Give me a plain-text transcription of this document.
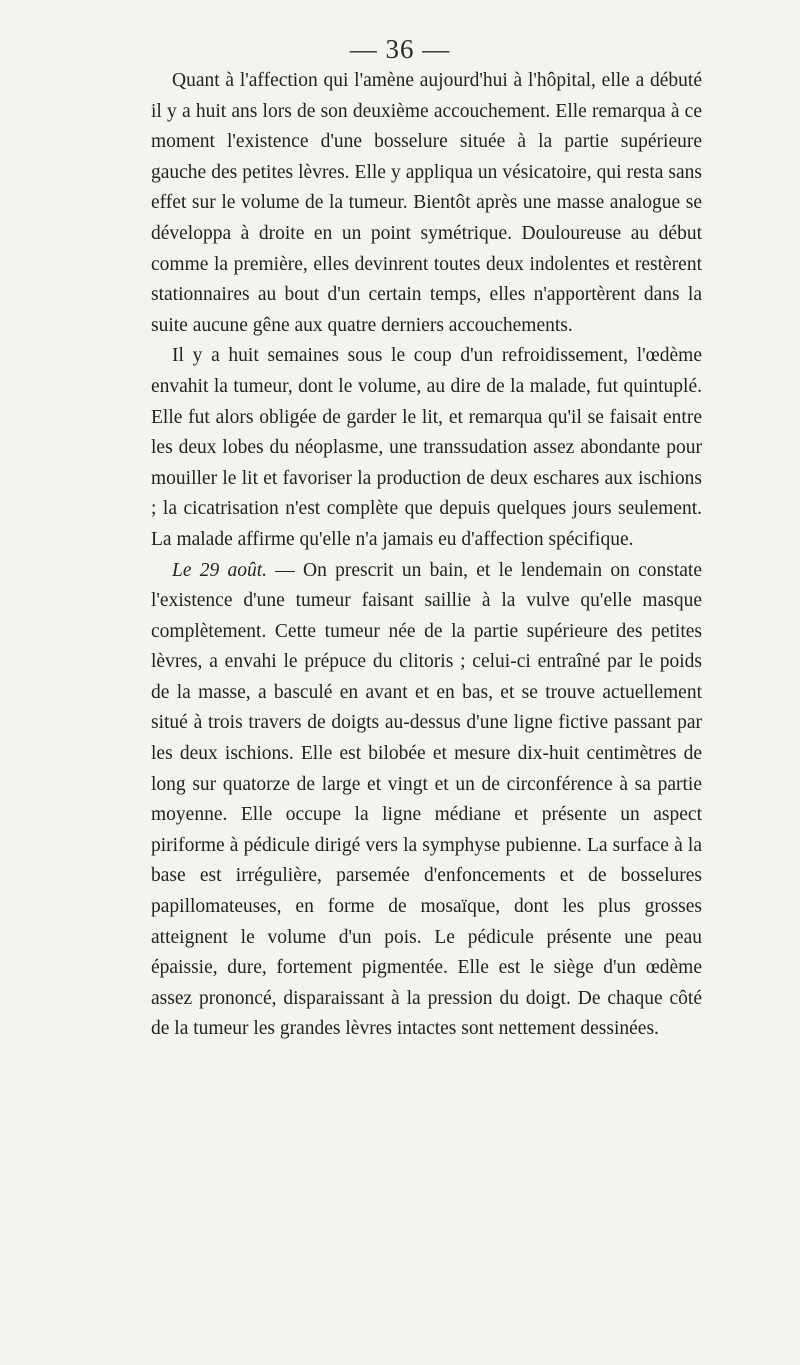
— 36 —

Quant à l'affection qui l'amène aujourd'hui à l'hôpital, elle a débuté il y a huit ans lors de son deuxième accouchement. Elle remarqua à ce moment l'existence d'une bosselure située à la partie supérieure gauche des petites lèvres. Elle y appliqua un vésicatoire, qui resta sans effet sur le volume de la tumeur. Bientôt après une masse analogue se développa à droite en un point symétrique. Douloureuse au début comme la première, elles devinrent toutes deux indolentes et restèrent stationnaires au bout d'un certain temps, elles n'apportèrent dans la suite aucune gêne aux quatre derniers accouchements.

Il y a huit semaines sous le coup d'un refroidissement, l'œdème envahit la tumeur, dont le volume, au dire de la malade, fut quintuplé. Elle fut alors obligée de garder le lit, et remarqua qu'il se faisait entre les deux lobes du néoplasme, une transsudation assez abondante pour mouiller le lit et favoriser la production de deux eschares aux ischions ; la cicatrisation n'est complète que depuis quelques jours seulement. La malade affirme qu'elle n'a jamais eu d'affection spécifique.

Le 29 août. — On prescrit un bain, et le lendemain on constate l'existence d'une tumeur faisant saillie à la vulve qu'elle masque complètement. Cette tumeur née de la partie supérieure des petites lèvres, a envahi le prépuce du clitoris ; celui-ci entraîné par le poids de la masse, a basculé en avant et en bas, et se trouve actuellement situé à trois travers de doigts au-dessus d'une ligne fictive passant par les deux ischions. Elle est bilobée et mesure dix-huit centimètres de long sur quatorze de large et vingt et un de circonférence à sa partie moyenne. Elle occupe la ligne médiane et présente un aspect piriforme à pédicule dirigé vers la symphyse pubienne. La surface à la base est irrégulière, parsemée d'enfoncements et de bosselures papillomateuses, en forme de mosaïque, dont les plus grosses atteignent le volume d'un pois. Le pédicule présente une peau épaissie, dure, fortement pigmentée. Elle est le siège d'un œdème assez prononcé, disparaissant à la pression du doigt. De chaque côté de la tumeur les grandes lèvres intactes sont nettement dessinées.
